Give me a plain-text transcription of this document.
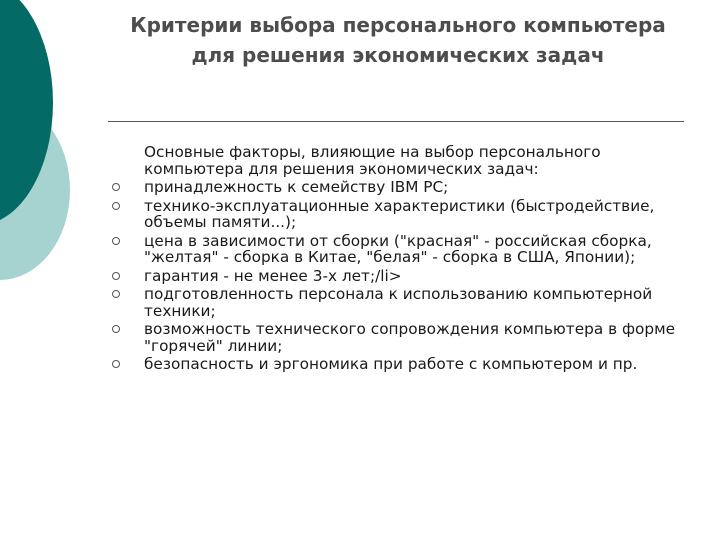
Критерии выбора персонального компьютера
для решения экономических задач

Основные факторы, влияющие на выбор персонального компьютера для решения экономических задач:

принадлежность к семейству IBM PC;
технико-эксплуатационные характеристики (быстродействие, объемы памяти...);
цена в зависимости от сборки ("красная" - российская сборка, "желтая" - сборка в Китае, "белая" - сборка в США, Японии);
гарантия - не менее 3-х лет;/li>
подготовленность персонала к использованию компьютерной техники;
возможность технического сопровождения компьютера в форме "горячей" линии;
безопасность и эргономика при работе с компьютером и пр.
